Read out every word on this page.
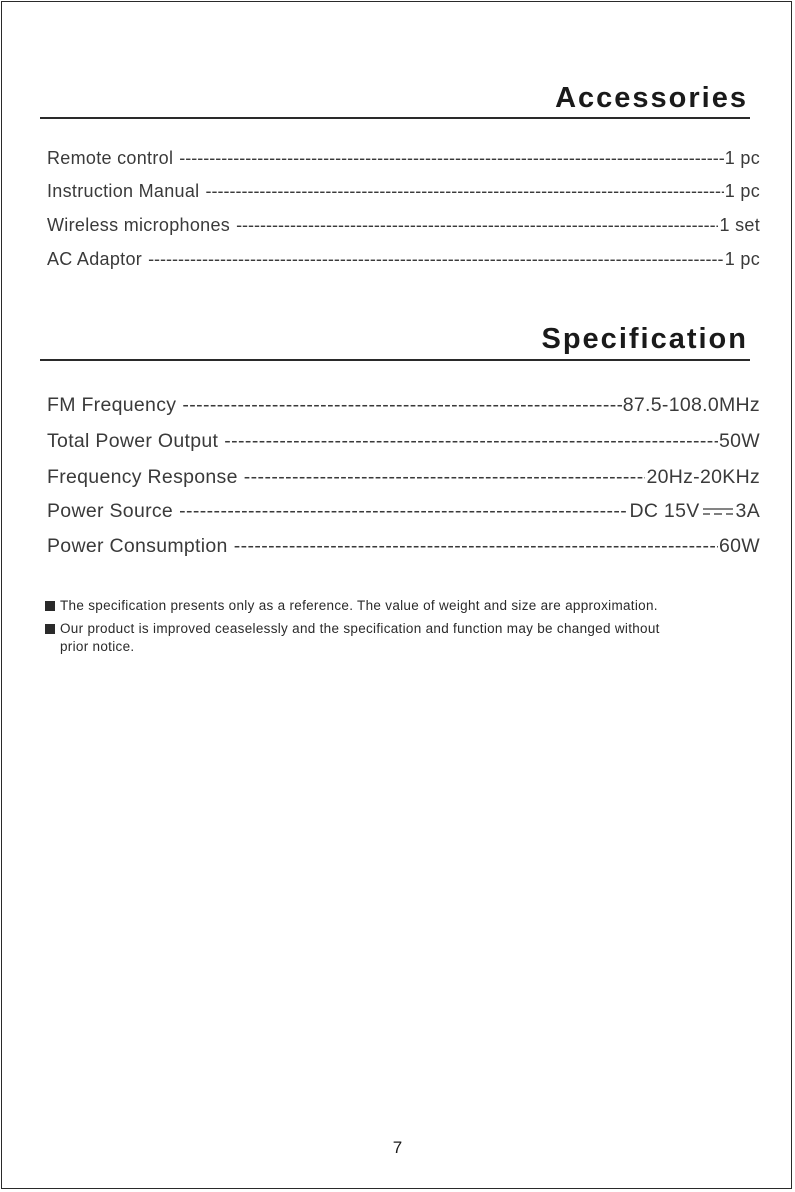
Accessories
Remote control -----	1 pc
Instruction Manual -----	1 pc
Wireless microphones -----	1 set
AC Adaptor -----	1 pc
Specification
FM Frequency -----	87.5-108.0MHz
Total Power Output -----	50W
Frequency Response -----	20Hz-20KHz
Power Source -----	DC 15V 3A
Power Consumption -----	60W
The specification presents only as a reference. The value of weight and size are approximation.
Our product is improved ceaselessly and the specification and function may be changed without
prior notice.
7
